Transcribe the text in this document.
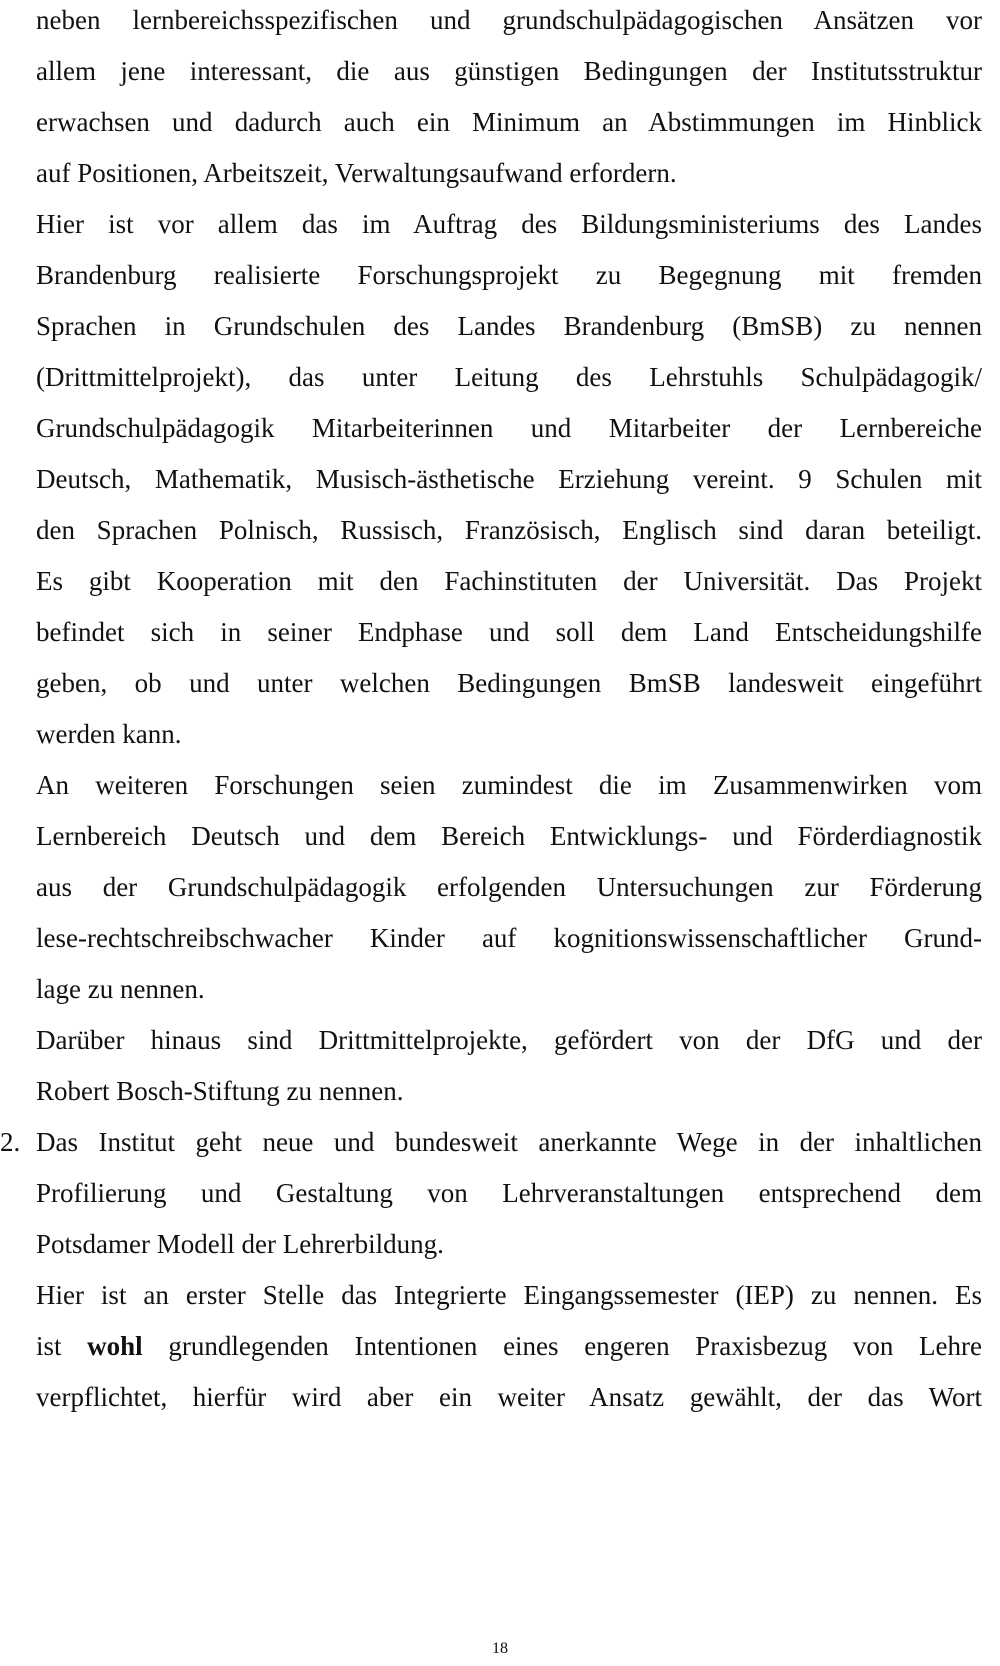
neben lernbereichsspezifischen und grundschulpädagogischen Ansätzen vor
allem jene interessant, die aus günstigen Bedingungen der Institutsstruktur
erwachsen und dadurch auch ein Minimum an Abstimmungen im Hinblick
auf Positionen, Arbeitszeit, Verwaltungsaufwand erfordern.
Hier ist vor allem das im Auftrag des Bildungsministeriums des Landes
Brandenburg realisierte Forschungsprojekt zu Begegnung mit fremden
Sprachen in Grundschulen des Landes Brandenburg (BmSB) zu nennen
(Drittmittelprojekt), das unter Leitung des Lehrstuhls Schulpädagogik/
Grundschulpädagogik Mitarbeiterinnen und Mitarbeiter der Lernbereiche
Deutsch, Mathematik, Musisch-ästhetische Erziehung vereint. 9 Schulen mit
den Sprachen Polnisch, Russisch, Französisch, Englisch sind daran beteiligt.
Es gibt Kooperation mit den Fachinstituten der Universität. Das Projekt
befindet sich in seiner Endphase und soll dem Land Entscheidungshilfe
geben, ob und unter welchen Bedingungen BmSB landesweit eingeführt
werden kann.
An weiteren Forschungen seien zumindest die im Zusammenwirken vom
Lernbereich Deutsch und dem Bereich Entwicklungs- und Förderdiagnostik
aus der Grundschulpädagogik erfolgenden Untersuchungen zur Förderung
lese-rechtschreibschwacher Kinder auf kognitionswissenschaftlicher Grund-
lage zu nennen.
Darüber hinaus sind Drittmittelprojekte, gefördert von der DfG und der
Robert Bosch-Stiftung zu nennen.
2. Das Institut geht neue und bundesweit anerkannte Wege in der inhaltlichen
Profilierung und Gestaltung von Lehrveranstaltungen entsprechend dem
Potsdamer Modell der Lehrerbildung.
Hier ist an erster Stelle das Integrierte Eingangssemester (IEP) zu nennen. Es
ist wohl grundlegenden Intentionen eines engeren Praxisbezug von Lehre
verpflichtet, hierfür wird aber ein weiter Ansatz gewählt, der das Wort
18
